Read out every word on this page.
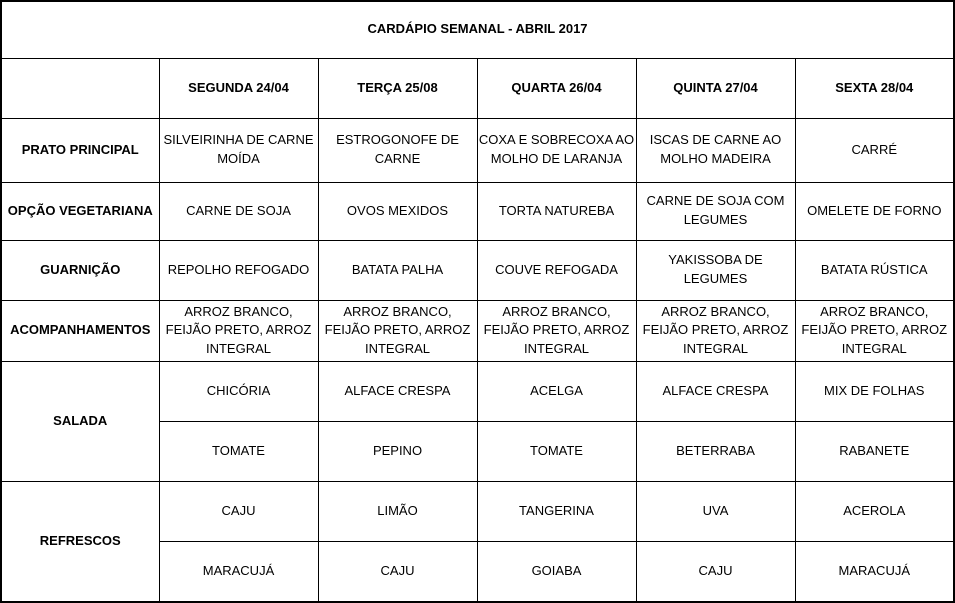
CARDÁPIO SEMANAL - ABRIL 2017					
	SEGUNDA 24/04	TERÇA 25/08	QUARTA 26/04	QUINTA 27/04	SEXTA 28/04
PRATO PRINCIPAL	SILVEIRINHA DE CARNE MOÍDA	ESTROGONOFE DE CARNE	COXA E SOBRECOXA AO MOLHO DE LARANJA	ISCAS DE CARNE AO MOLHO MADEIRA	CARRÉ
OPÇÃO VEGETARIANA	CARNE DE SOJA	OVOS MEXIDOS	TORTA NATUREBA	CARNE DE SOJA COM LEGUMES	OMELETE DE FORNO
GUARNIÇÃO	REPOLHO REFOGADO	BATATA PALHA	COUVE REFOGADA	YAKISSOBA DE LEGUMES	BATATA RÚSTICA
ACOMPANHAMENTOS	ARROZ BRANCO, FEIJÃO PRETO, ARROZ INTEGRAL	ARROZ BRANCO, FEIJÃO PRETO, ARROZ INTEGRAL	ARROZ BRANCO, FEIJÃO PRETO, ARROZ INTEGRAL	ARROZ BRANCO, FEIJÃO PRETO, ARROZ INTEGRAL	ARROZ BRANCO, FEIJÃO PRETO, ARROZ INTEGRAL
SALADA	CHICÓRIA	ALFACE CRESPA	ACELGA	ALFACE CRESPA	MIX DE FOLHAS
	TOMATE	PEPINO	TOMATE	BETERRABA	RABANETE
REFRESCOS	CAJU	LIMÃO	TANGERINA	UVA	ACEROLA
	MARACUJÁ	CAJU	GOIABA	CAJU	MARACUJÁ
